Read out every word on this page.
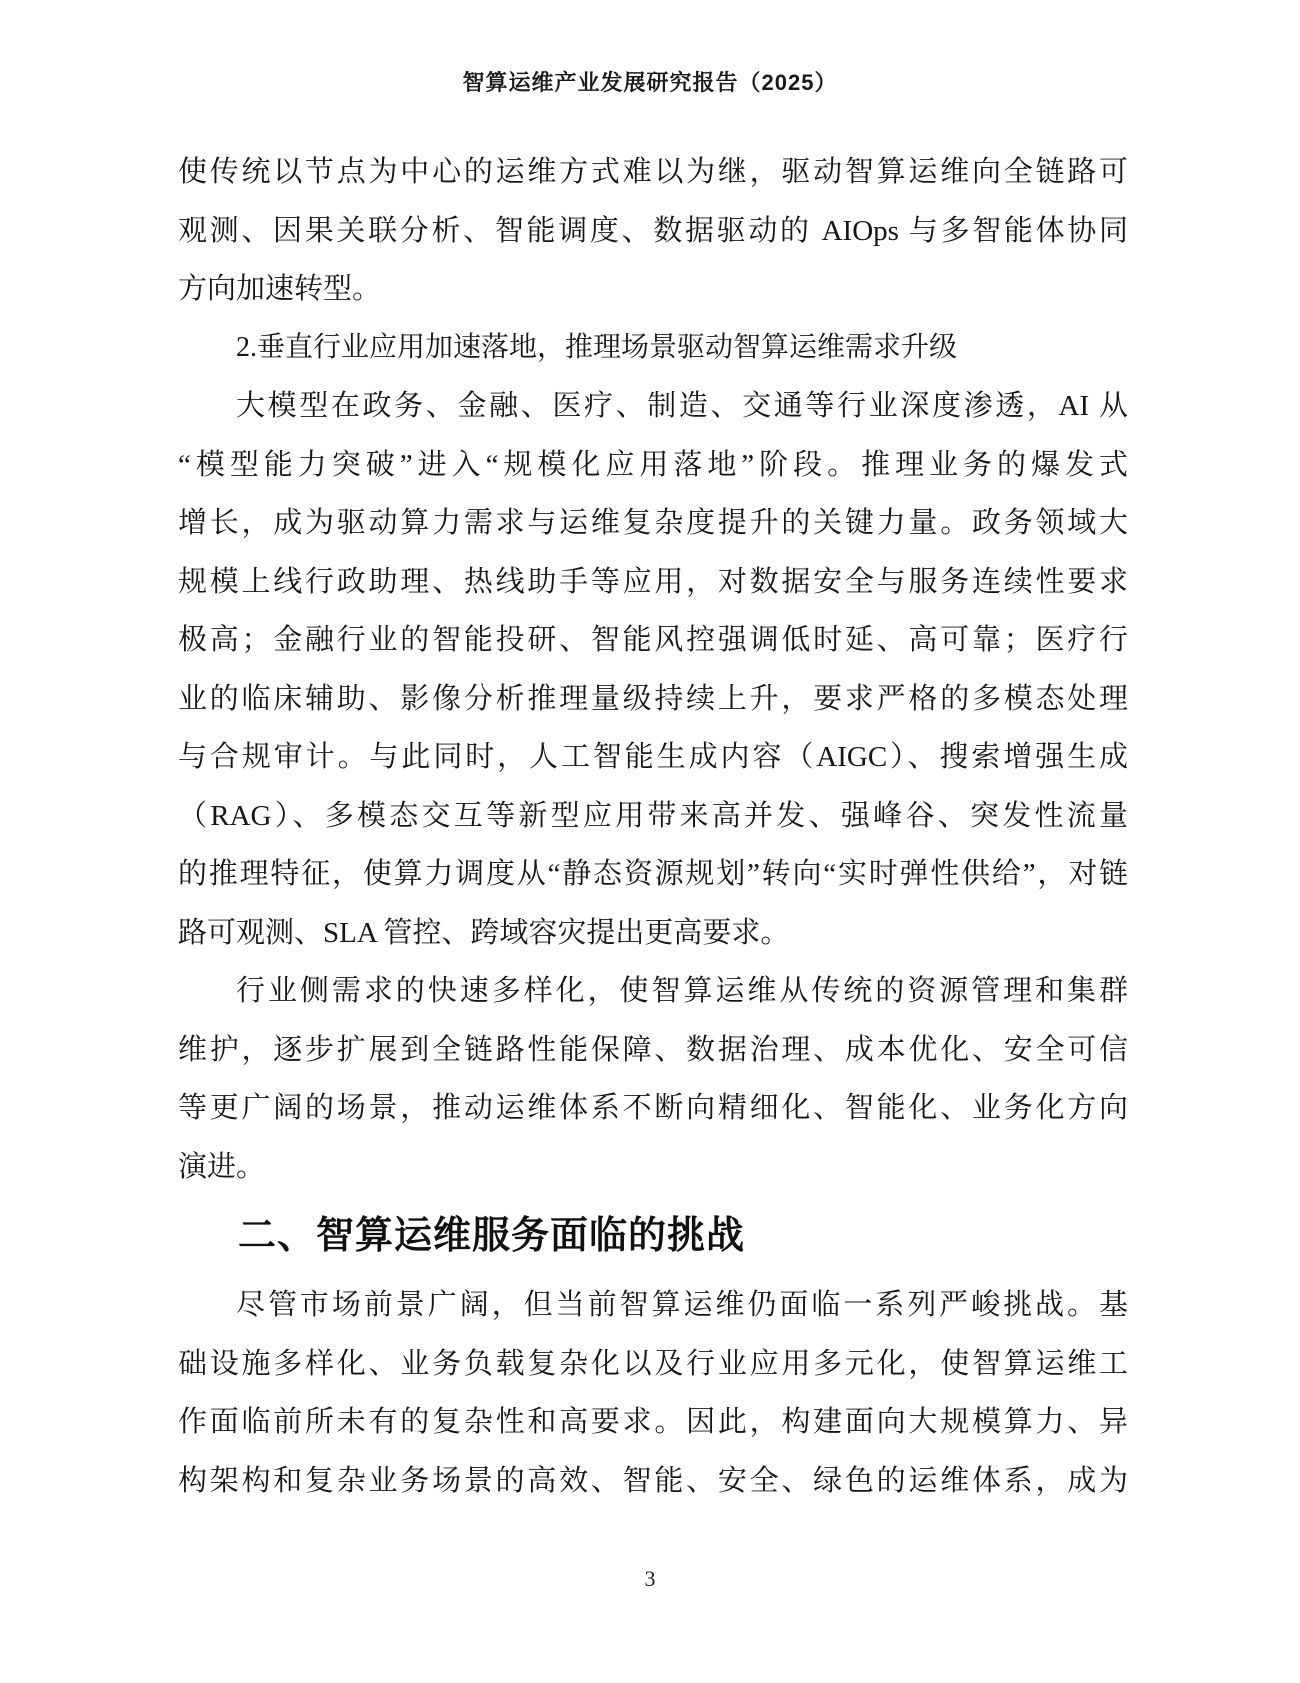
智算运维产业发展研究报告（2025）
使传统以节点为中心的运维方式难以为继，驱动智算运维向全链路可
观测、因果关联分析、智能调度、数据驱动的 AIOps 与多智能体协同
方向加速转型。
2.垂直行业应用加速落地，推理场景驱动智算运维需求升级
大模型在政务、金融、医疗、制造、交通等行业深度渗透，AI 从
“模型能力突破”进入“规模化应用落地”阶段。推理业务的爆发式
增长，成为驱动算力需求与运维复杂度提升的关键力量。政务领域大
规模上线行政助理、热线助手等应用，对数据安全与服务连续性要求
极高；金融行业的智能投研、智能风控强调低时延、高可靠；医疗行
业的临床辅助、影像分析推理量级持续上升，要求严格的多模态处理
与合规审计。与此同时，人工智能生成内容（AIGC）、搜索增强生成
（RAG）、多模态交互等新型应用带来高并发、强峰谷、突发性流量
的推理特征，使算力调度从“静态资源规划”转向“实时弹性供给”，对链
路可观测、SLA 管控、跨域容灾提出更高要求。
行业侧需求的快速多样化，使智算运维从传统的资源管理和集群
维护，逐步扩展到全链路性能保障、数据治理、成本优化、安全可信
等更广阔的场景，推动运维体系不断向精细化、智能化、业务化方向
演进。
二、智算运维服务面临的挑战
尽管市场前景广阔，但当前智算运维仍面临一系列严峻挑战。基
础设施多样化、业务负载复杂化以及行业应用多元化，使智算运维工
作面临前所未有的复杂性和高要求。因此，构建面向大规模算力、异
构架构和复杂业务场景的高效、智能、安全、绿色的运维体系，成为
3
